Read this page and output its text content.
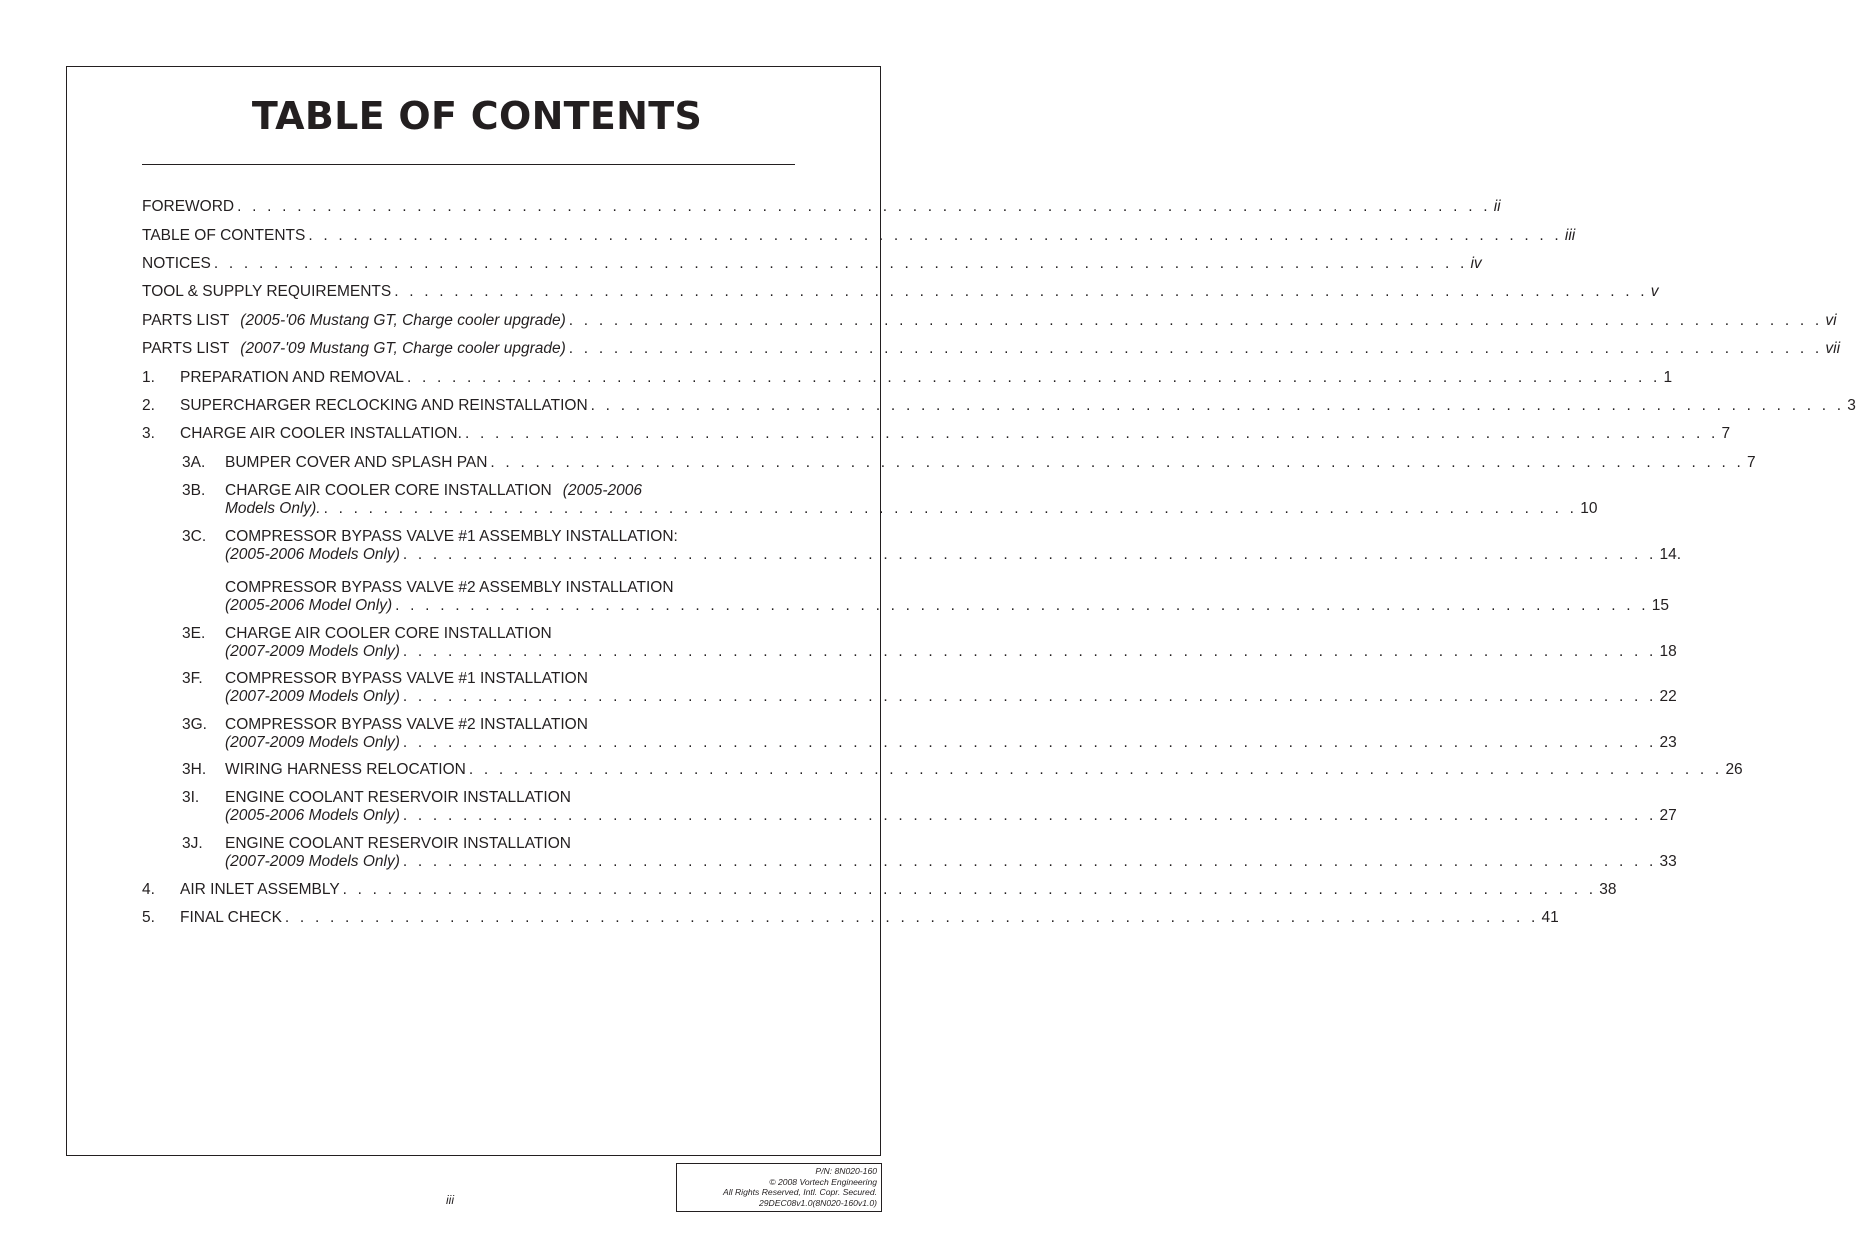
TABLE OF CONTENTS
FOREWORD . . . . . . . . . . . . . . . . . . . . . . . . . . . . . . . . . . . . . . . . . . . . . . . . . . . . . . . . . . . . . . . . . . . . . . . . . . . . . . . . . . . . ii
TABLE OF CONTENTS . . . . . . . . . . . . . . . . . . . . . . . . . . . . . . . . . . . . . . . . . . . . . . . . . . . . . . . . . . . . . . . . . . . . . . . . . . . . . . . . . . . . iii
NOTICES . . . . . . . . . . . . . . . . . . . . . . . . . . . . . . . . . . . . . . . . . . . . . . . . . . . . . . . . . . . . . . . . . . . . . . . . . . . . . . . . . . . . iv
TOOL & SUPPLY REQUIREMENTS . . . . . . . . . . . . . . . . . . . . . . . . . . . . . . . . . . . . . . . . . . . . . . . . . . . . . . . . . . . . . . . . . . . . . . . . . . . . . . . . . . . . v
PARTS LIST (2005-'06 Mustang GT, Charge cooler upgrade) . . . . . . . . . . . . . . . . . . . . . . . . . . . . . . . . . . . . . . . . . . . . . . . . . . . . . . . . . . . . . . . . . . . . . . . . . . . . . . . . . . . . vi
PARTS LIST (2007-'09 Mustang GT, Charge cooler upgrade) . . . . . . . . . . . . . . . . . . . . . . . . . . . . . . . . . . . . . . . . . . . . . . . . . . . . . . . . . . . . . . . . . . . . . . . . . . . . . . . . . . . . vii
1.	PREPARATION AND REMOVAL . . . . . . . . . . . . . . . . . . . . . . . . . . . . . . . . . . . . . . . . . . . . . . . . . . . . . . . . . . . . . . . . . . . . . . . . . . . . . . . . . . . . 1
2.	SUPERCHARGER RECLOCKING AND REINSTALLATION . . . . . . . . . . . . . . . . . . . . . . . . . . . . . . . . . . . . . . . . . . . . . . . . . . . . . . . . . . . . . . . . . . . . . . . . . . . . . . . . . . . . 3
3.	CHARGE AIR COOLER INSTALLATION. . . . . . . . . . . . . . . . . . . . . . . . . . . . . . . . . . . . . . . . . . . . . . . . . . . . . . . . . . . . . . . . . . . . . . . . . . . . . . . . . . . . . 7
3A.	BUMPER COVER AND SPLASH PAN . . . . . . . . . . . . . . . . . . . . . . . . . . . . . . . . . . . . . . . . . . . . . . . . . . . . . . . . . . . . . . . . . . . . . . . . . . . . . . . . . . . . 7
3B.	CHARGE AIR COOLER CORE INSTALLATION (2005-2006
Models Only). . . . . . . . . . . . . . . . . . . . . . . . . . . . . . . . . . . . . . . . . . . . . . . . . . . . . . . . . . . . . . . . . . . . . . . . . . . . . . . . . . . . . 10
3C.	COMPRESSOR BYPASS VALVE #1 ASSEMBLY INSTALLATION:
(2005-2006 Models Only) . . . . . . . . . . . . . . . . . . . . . . . . . . . . . . . . . . . . . . . . . . . . . . . . . . . . . . . . . . . . . . . . . . . . . . . . . . . . . . . . . . . . 14.
COMPRESSOR BYPASS VALVE #2 ASSEMBLY INSTALLATION
(2005-2006 Model Only) . . . . . . . . . . . . . . . . . . . . . . . . . . . . . . . . . . . . . . . . . . . . . . . . . . . . . . . . . . . . . . . . . . . . . . . . . . . . . . . . . . . . 15
3E.	CHARGE AIR COOLER CORE INSTALLATION
(2007-2009 Models Only) . . . . . . . . . . . . . . . . . . . . . . . . . . . . . . . . . . . . . . . . . . . . . . . . . . . . . . . . . . . . . . . . . . . . . . . . . . . . . . . . . . . . 18
3F.	COMPRESSOR BYPASS VALVE #1 INSTALLATION
(2007-2009 Models Only) . . . . . . . . . . . . . . . . . . . . . . . . . . . . . . . . . . . . . . . . . . . . . . . . . . . . . . . . . . . . . . . . . . . . . . . . . . . . . . . . . . . . 22
3G.	COMPRESSOR BYPASS VALVE #2 INSTALLATION
(2007-2009 Models Only) . . . . . . . . . . . . . . . . . . . . . . . . . . . . . . . . . . . . . . . . . . . . . . . . . . . . . . . . . . . . . . . . . . . . . . . . . . . . . . . . . . . . 23
3H.	WIRING HARNESS RELOCATION . . . . . . . . . . . . . . . . . . . . . . . . . . . . . . . . . . . . . . . . . . . . . . . . . . . . . . . . . . . . . . . . . . . . . . . . . . . . . . . . . . . . 26
3I.	ENGINE COOLANT RESERVOIR INSTALLATION
(2005-2006 Models Only) . . . . . . . . . . . . . . . . . . . . . . . . . . . . . . . . . . . . . . . . . . . . . . . . . . . . . . . . . . . . . . . . . . . . . . . . . . . . . . . . . . . . 27
3J.	ENGINE COOLANT RESERVOIR INSTALLATION
(2007-2009 Models Only) . . . . . . . . . . . . . . . . . . . . . . . . . . . . . . . . . . . . . . . . . . . . . . . . . . . . . . . . . . . . . . . . . . . . . . . . . . . . . . . . . . . . 33
4.	AIR INLET ASSEMBLY . . . . . . . . . . . . . . . . . . . . . . . . . . . . . . . . . . . . . . . . . . . . . . . . . . . . . . . . . . . . . . . . . . . . . . . . . . . . . . . . . . . . 38
5.	FINAL CHECK . . . . . . . . . . . . . . . . . . . . . . . . . . . . . . . . . . . . . . . . . . . . . . . . . . . . . . . . . . . . . . . . . . . . . . . . . . . . . . . . . . . . 41
iii
P/N: 8N020-160
© 2008 Vortech Engineering
All Rights Reserved, Intl. Copr. Secured.
29DEC08v1.0(8N020-160v1.0)
